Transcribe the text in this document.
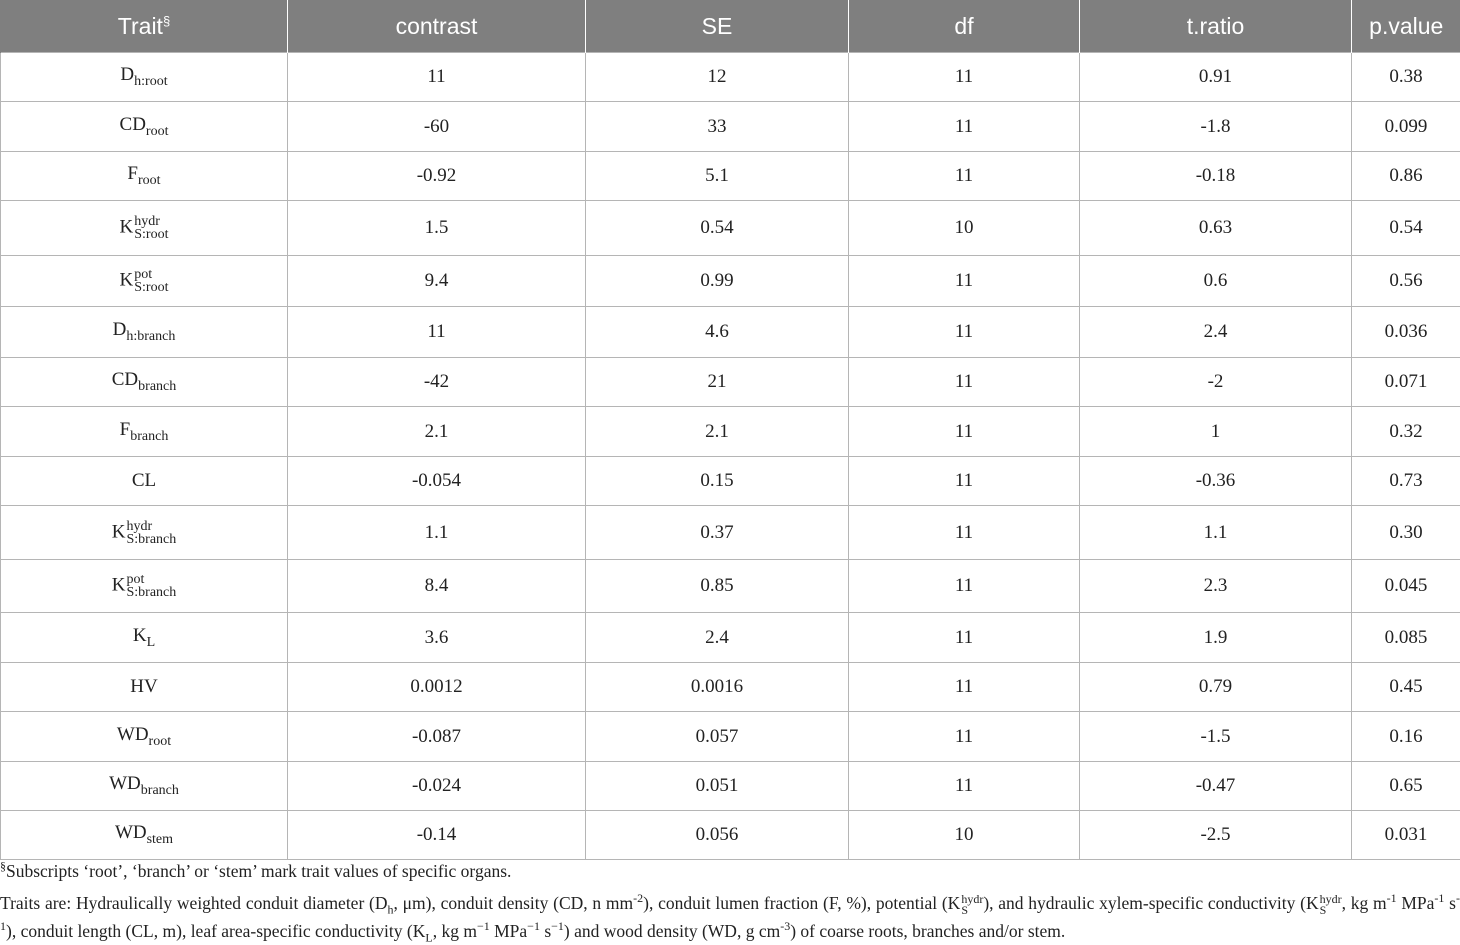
Trait§	contrast	SE	df	t.ratio	p.value
$D_{h:root}$	11	12	11	0.91	0.38
$CD_{root}$	-60	33	11	-1.8	0.099
$F_{root}$	-0.92	5.1	11	-0.18	0.86
K hydr
S:root	1.5	0.54	10	0.63	0.54
K pot
S:root	9.4	0.99	11	0.6	0.56
$D_{h:branch}$	11	4.6	11	2.4	0.036
$CD_{branch}$	-42	21	11	-2	0.071
$F_{branch}$	2.1	2.1	11	1	0.32
CL	-0.054	0.15	11	-0.36	0.73
K hydr
S:branch	1.1	0.37	11	1.1	0.30
K pot
S:branch	8.4	0.85	11	2.3	0.045
$K_L$	3.6	2.4	11	1.9	0.085
HV	0.0012	0.0016	11	0.79	0.45
$WD_{root}$	-0.087	0.057	11	-1.5	0.16
$WD_{branch}$	-0.024	0.051	11	-0.47	0.65
$WD_{stem}$	-0.14	0.056	10	-2.5	0.031
§Subscripts ‘root’, ‘branch’ or ‘stem’ mark trait values of specific organs.
Traits are: Hydraulically weighted conduit diameter ($D_h$, μm), conduit density (CD, n $mm^{-2}$), conduit lumen fraction (F, %), potential (K hydr
S ), and hydraulic xylem-specific conductivity (K hydr
S , kg $m^{-1}$ MPa$^{-1}$ $s^{-1}$), conduit length (CL, m), leaf area-specific conductivity ($K_L$, kg $m^{-1}$ MPa$^{-1}$ $s^{-1}$) and wood density (WD, g $cm^{-3}$) of coarse roots, branches and/or stem.
